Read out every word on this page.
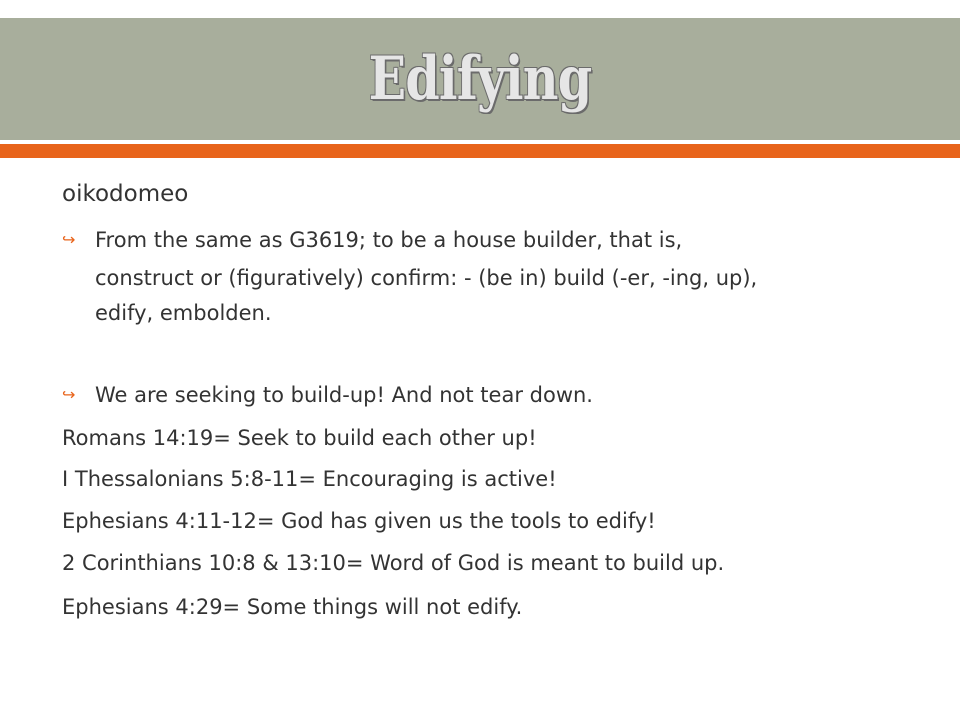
Edifying
oikodomeo
↪ From the same as G3619; to be a house builder, that is,
construct or (figuratively) confirm: - (be in) build (-er, -ing, up),
edify, embolden.
↪ We are seeking to build-up! And not tear down.
Romans 14:19= Seek to build each other up!
I Thessalonians 5:8-11= Encouraging is active!
Ephesians 4:11-12= God has given us the tools to edify!
2 Corinthians 10:8 & 13:10= Word of God is meant to build up.
Ephesians 4:29= Some things will not edify.
